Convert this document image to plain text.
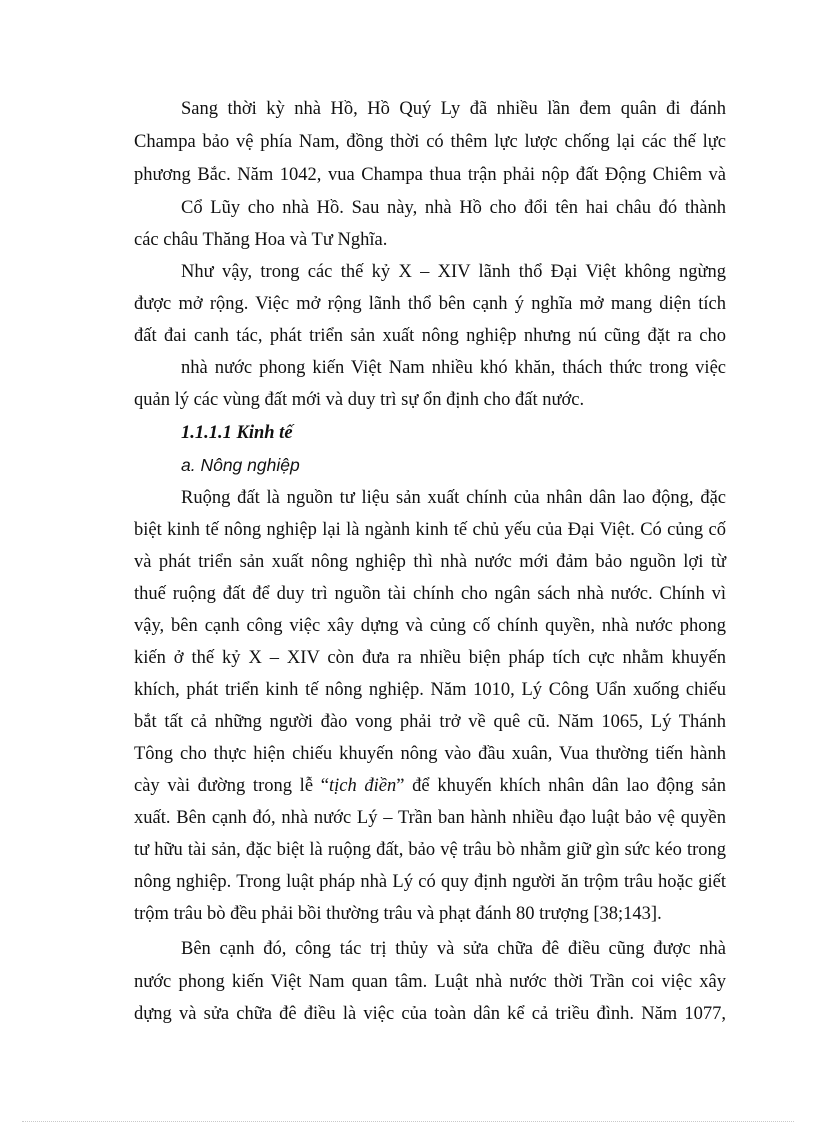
Sang thời kỳ nhà Hồ, Hồ Quý Ly đã nhiều lần đem quân đi đánh
Champa bảo vệ phía Nam, đồng thời có thêm lực lược chống lại các thế lực
phương Bắc. Năm 1042, vua Champa thua trận phải nộp đất Động Chiêm và
Cổ Lũy cho nhà Hồ. Sau này, nhà Hồ cho đổi tên hai châu đó thành
các châu Thăng Hoa và Tư Nghĩa.
Như vậy, trong các thế kỷ X – XIV lãnh thổ Đại Việt không ngừng
được mở rộng. Việc mở rộng lãnh thổ bên cạnh ý nghĩa mở mang diện tích
đất đai canh tác, phát triển sản xuất nông nghiệp nhưng nú cũng đặt ra cho
nhà nước phong kiến Việt Nam nhiều khó khăn, thách thức trong việc
quản lý các vùng đất mới và duy trì sự ổn định cho đất nước.
1.1.1.1 Kinh tế
a. Nông nghiệp
Ruộng đất là nguồn tư liệu sản xuất chính của nhân dân lao động, đặc
biệt kinh tế nông nghiệp lại là ngành kinh tế chủ yếu của Đại Việt. Có củng cố
và phát triển sản xuất nông nghiệp thì nhà nước mới đảm bảo nguồn lợi từ
thuế ruộng đất để duy trì nguồn tài chính cho ngân sách nhà nước. Chính vì
vậy, bên cạnh công việc xây dựng và củng cố chính quyền, nhà nước phong
kiến ở thế kỷ X – XIV còn đưa ra nhiều biện pháp tích cực nhằm khuyến
khích, phát triển kinh tế nông nghiệp. Năm 1010, Lý Công Uẩn xuống chiếu
bắt tất cả những người đào vong phải trở về quê cũ. Năm 1065, Lý Thánh
Tông cho thực hiện chiếu khuyến nông vào đầu xuân, Vua thường tiến hành
cày vài đường trong lễ “tịch điền” để khuyến khích nhân dân lao động sản
xuất. Bên cạnh đó, nhà nước Lý – Trần ban hành nhiều đạo luật bảo vệ quyền
tư hữu tài sản, đặc biệt là ruộng đất, bảo vệ trâu bò nhằm giữ gìn sức kéo trong
nông nghiệp. Trong luật pháp nhà Lý có quy định người ăn trộm trâu hoặc giết
trộm trâu bò đều phải bồi thường trâu và phạt đánh 80 trượng [38;143].
Bên cạnh đó, công tác trị thủy và sửa chữa đê điều cũng được nhà
nước phong kiến Việt Nam quan tâm. Luật nhà nước thời Trần coi việc xây
dựng và sửa chữa đê điều là việc của toàn dân kể cả triều đình. Năm 1077,
